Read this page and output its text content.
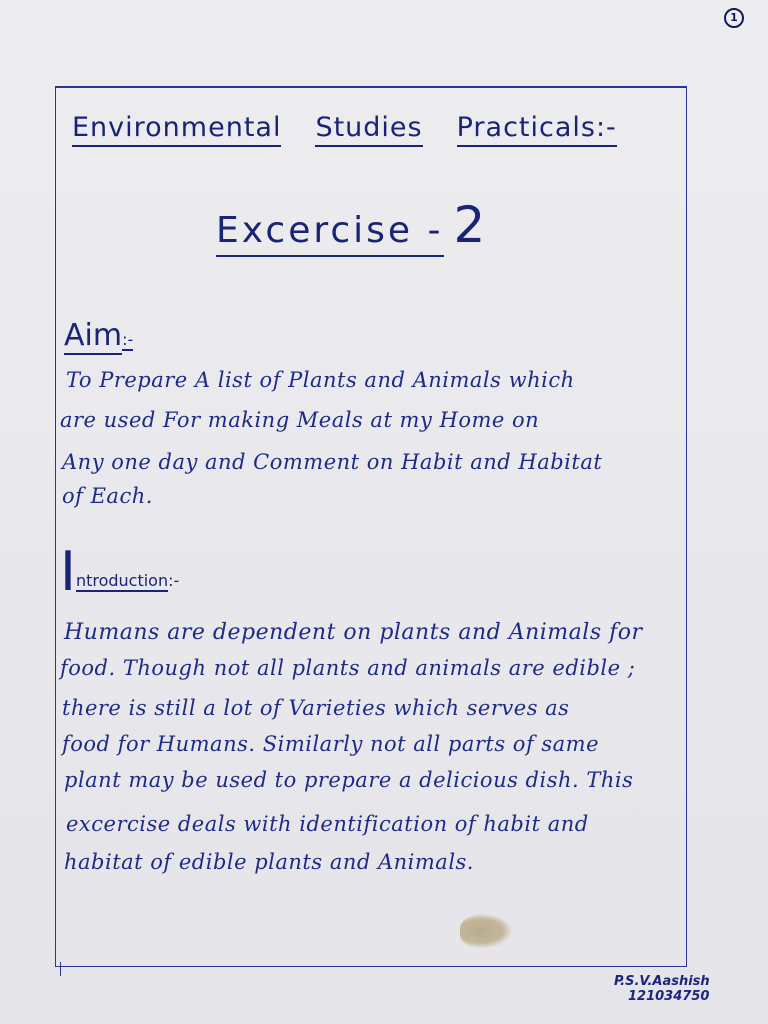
1
Environmental Studies Practicals:-
Excercise - 2
Aim:-
To Prepare A list of Plants and Animals which
are used For making Meals at my Home on
Any one day and Comment on Habit and Habitat
of Each.
Introduction:-
Humans are dependent on plants and Animals for
food. Though not all plants and animals are edible ;
there is still a lot of Varieties which serves as
food for Humans. Similarly not all parts of same
plant may be used to prepare a delicious dish. This
excercise deals with identification of habit and
habitat of edible plants and Animals.
P.S.V.Aashish
121034750
